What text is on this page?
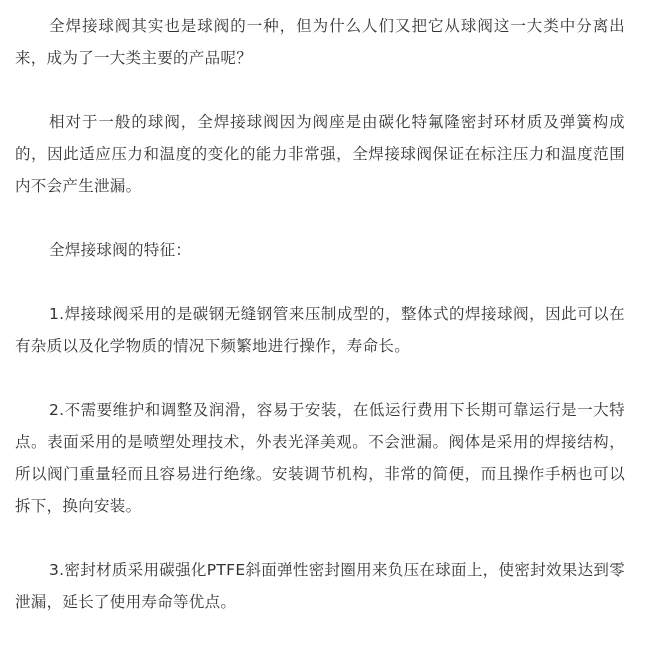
全焊接球阀其实也是球阀的一种，但为什么人们又把它从球阀这一大类中分离出来，成为了一大类主要的产品呢？

相对于一般的球阀，全焊接球阀因为阀座是由碳化特氟隆密封环材质及弹簧构成的，因此适应压力和温度的变化的能力非常强，全焊接球阀保证在标注压力和温度范围内不会产生泄漏。

全焊接球阀的特征：

1.焊接球阀采用的是碳钢无缝钢管来压制成型的，整体式的焊接球阀，因此可以在有杂质以及化学物质的情况下频繁地进行操作，寿命长。

2.不需要维护和调整及润滑，容易于安装，在低运行费用下长期可靠运行是一大特点。表面采用的是喷塑处理技术，外表光泽美观。不会泄漏。阀体是采用的焊接结构，所以阀门重量轻而且容易进行绝缘。安装调节机构，非常的简便，而且操作手柄也可以拆下，换向安装。

3.密封材质采用碳强化PTFE斜面弹性密封圈用来负压在球面上，使密封效果达到零泄漏，延长了使用寿命等优点。
